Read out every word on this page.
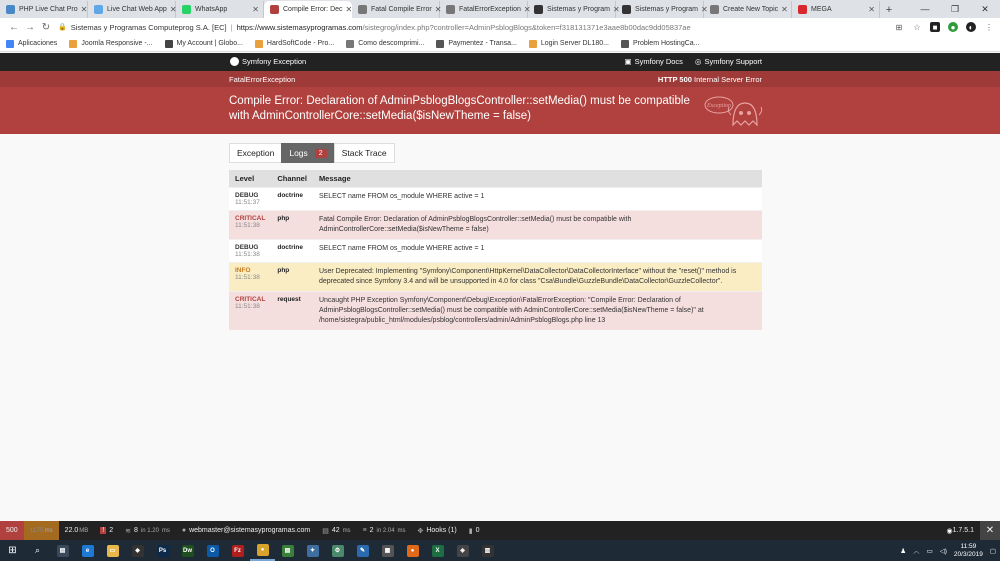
PHP Live Chat Pro ✕	Live Chat Web App ✕	WhatsApp	✕	Compile Error: Dec ✕	Fatal Compile Error ✕	FatalErrorException ✕ Sistemas y Program ✕ Sistemas y Program ✕ Create New Topic ✕	MEGA	✕ +	—	❐	✕
← → ↻	🔒 Sistemas y Programas Computeprog S.A. [EC] | https://www.sistemasyprogramas.com /sistegrog/index.php?controller=AdminPsblogBlogs&token=f318131371e3aae8b00dac9dd05837ae	⊞ ☆	■	●	◐	⋮
Aplicaciones	Joomla Responsive -...	My Account | Globo...	HardSoftCode - Pro...	Como descomprimi...	Paymentez - Transa...	Login Server DL180...	Problem HostingCa...
Symfony Exception	▣ Symfony Docs ◎ Symfony Support
FatalErrorException	HTTP 500 Internal Server Error
Compile Error: Declaration of AdminPsblogBlogsController::setMedia() must be compatible with AdminControllerCore::setMedia($isNewTheme = false)
Exception
Exception Logs	2	Stack Trace
Level	Channel	Message

DEBUG
11:51:37	doctrine	SELECT name FROM os_module WHERE active = 1

CRITICAL
11:51:38	php	Fatal Compile Error: Declaration of AdminPsblogBlogsController::setMedia() must be compatible with AdminControllerCore::setMedia($isNewTheme = false)

DEBUG
11:51:38	doctrine	SELECT name FROM os_module WHERE active = 1

INFO
11:51:38	php	User Deprecated: Implementing "Symfony\Component\HttpKernel\DataCollector\DataCollectorInterface" without the "reset()" method is deprecated since Symfony 3.4 and will be unsupported in 4.0 for class "Csa\Bundle\GuzzleBundle\DataCollector\GuzzleCollector".

CRITICAL
11:51:38	request	Uncaught PHP Exception Symfony\Component\Debug\Exception\FatalErrorException: "Compile Error: Declaration of AdminPsblogBlogsController::setMedia() must be compatible with AdminControllerCore::setMedia($isNewTheme = false)" at /home/sistegra/public_html/modules/psblog/controllers/admin/AdminPsblogBlogs.php line 13
500 1175 ms 22.0 MB ! 2 ≋ 8
in 1.20
ms ● webmaster@sistemasyprogramas.com ▤ 42
ms ≡ 2
in 2.04
ms ✥ Hooks
(1) ▮ 0	◉ 1.7.5.1	✕
⊞ ⌕	▤	e	▭	◆	Ps	Dw	O	Fz	●	▤	✦	⚙	✎	▦	●	X	◈	▥	♟ ︿ ▭ ◁)
11:59
20/3/2019 ▢
